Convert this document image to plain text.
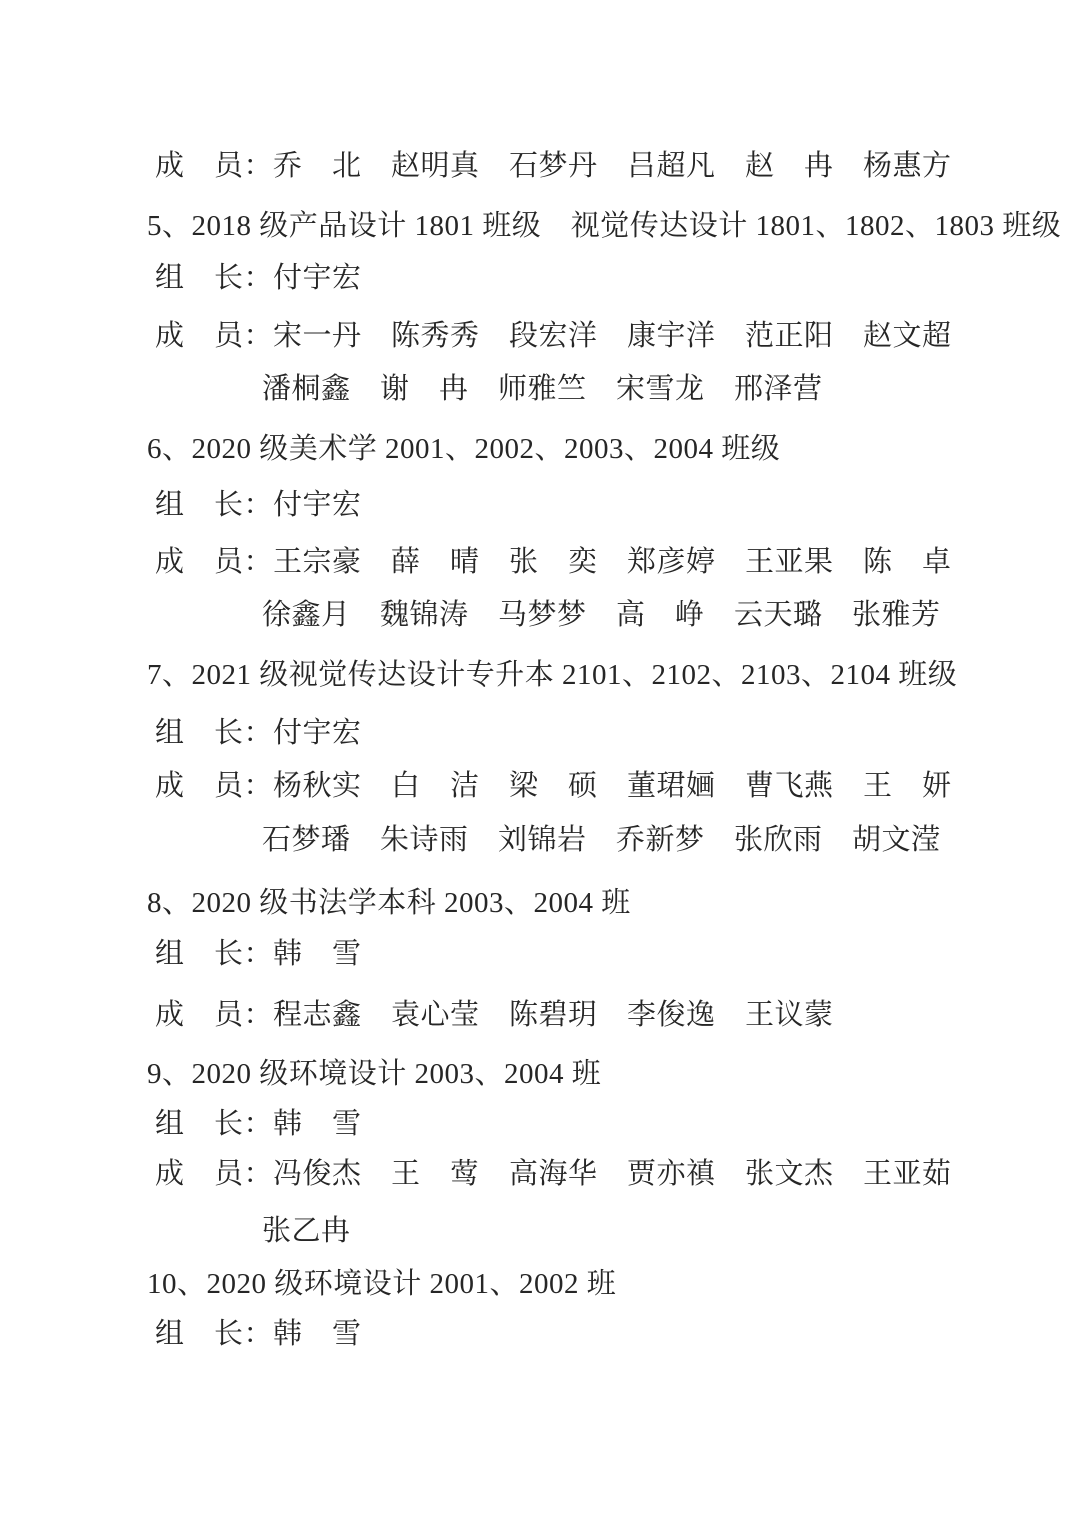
成　员：乔　北　赵明真　石梦丹　吕超凡　赵　冉　杨惠方
5、2018 级产品设计 1801 班级　视觉传达设计 1801、1802、1803 班级
组　长：付宇宏
成　员：宋一丹　陈秀秀　段宏洋　康宇洋　范正阳　赵文超
潘桐鑫　谢　冉　师雅竺　宋雪龙　邢泽营
6、2020 级美术学 2001、2002、2003、2004 班级
组　长：付宇宏
成　员：王宗豪　薛　晴　张　奕　郑彦婷　王亚果　陈　卓
徐鑫月　魏锦涛　马梦梦　高　峥　云天璐　张雅芳
7、2021 级视觉传达设计专升本 2101、2102、2103、2104 班级
组　长：付宇宏
成　员：杨秋实　白　洁　梁　硕　董珺婳　曹飞燕　王　妍
石梦璠　朱诗雨　刘锦岩　乔新梦　张欣雨　胡文滢
8、2020 级书法学本科 2003、2004 班
组　长：韩　雪
成　员：程志鑫　袁心莹　陈碧玥　李俊逸　王议蒙
9、2020 级环境设计 2003、2004 班
组　长：韩　雪
成　员：冯俊杰　王　莺　高海华　贾亦禛　张文杰　王亚茹
张乙冉
10、2020 级环境设计 2001、2002 班
组　长：韩　雪
